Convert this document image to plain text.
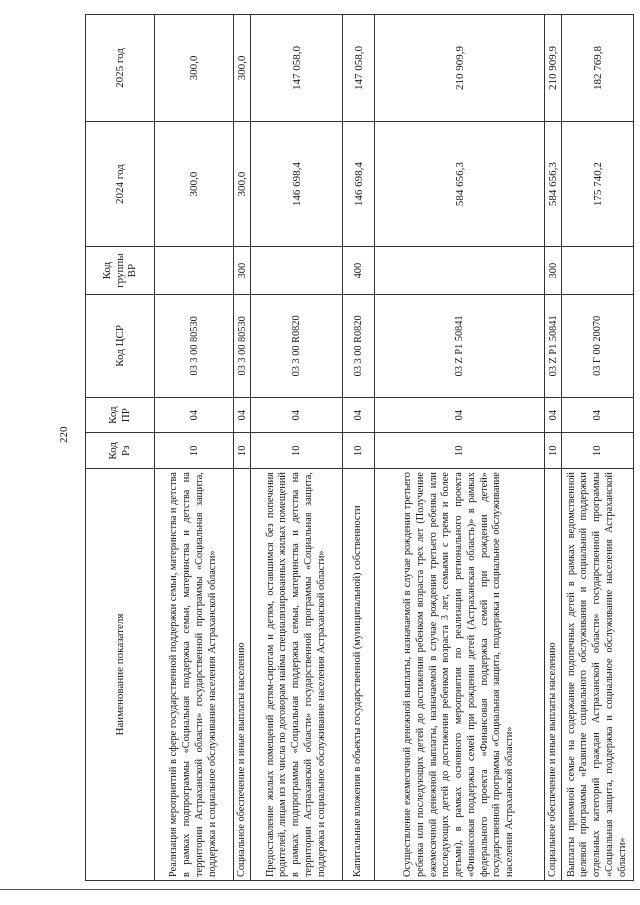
220
Наименование показателя	Код Рз	Код ПР	Код ЦСР	Код группы ВР	2024 год	2025 год
Реализация мероприятий в сфере государственной поддержки семьи, материнства и детства в рамках подпрограммы «Социальная поддержка семьи, материнства и детства на территории Астраханской области» государственной программы «Социальная защита, поддержка и социальное обслуживание населения Астраханской области»	10	04	03 3 00 80530		300,0	300,0
Социальное обеспечение и иные выплаты населению	10	04	03 3 00 80530	300	300,0	300,0
Предоставление жилых помещений детям-сиротам и детям, оставшимся без попечения родителей, лицам из их числа по договорам найма специализированных жилых помещений в рамках подпрограммы «Социальная поддержка семьи, материнства и детства на территории Астраханской области» государственной программы «Социальная защита, поддержка и социальное обслуживание населения Астраханской области»	10	04	03 3 00 R0820		146 698,4	147 058,0
Капитальные вложения в объекты государственной (муниципальной) собственности	10	04	03 3 00 R0820	400	146 698,4	147 058,0
Осуществление ежемесячной денежной выплаты, назначаемой в случае рождения третьего ребенка или последующих детей до достижения ребенком возраста трех лет (Получение ежемесячной денежной выплаты, назначаемой в случае рождения третьего ребенка или последующих детей до достижения ребенком возраста 3 лет, семьями с тремя и более детьми), в рамках основного мероприятия по реализации регионального проекта «Финансовая поддержка семей при рождении детей (Астраханская область)» в рамках федерального проекта «Финансовая поддержка семей при рождении детей» государственной программы «Социальная защита, поддержка и социальное обслуживание населения Астраханской области»	10	04	03 Z P1 50841		584 656,3	210 909,9
Социальное обеспечение и иные выплаты населению	10	04	03 Z P1 50841	300	584 656,3	210 909,9
Выплаты приемной семье на содержание подопечных детей в рамках ведомственной целевой программы «Развитие социального обслуживания и социальной поддержки отдельных категорий граждан Астраханской области» государственной программы «Социальная защита, поддержка и социальное обслуживание населения Астраханской области»	10	04	03 Г 00 20070		175 740,2	182 769,8
